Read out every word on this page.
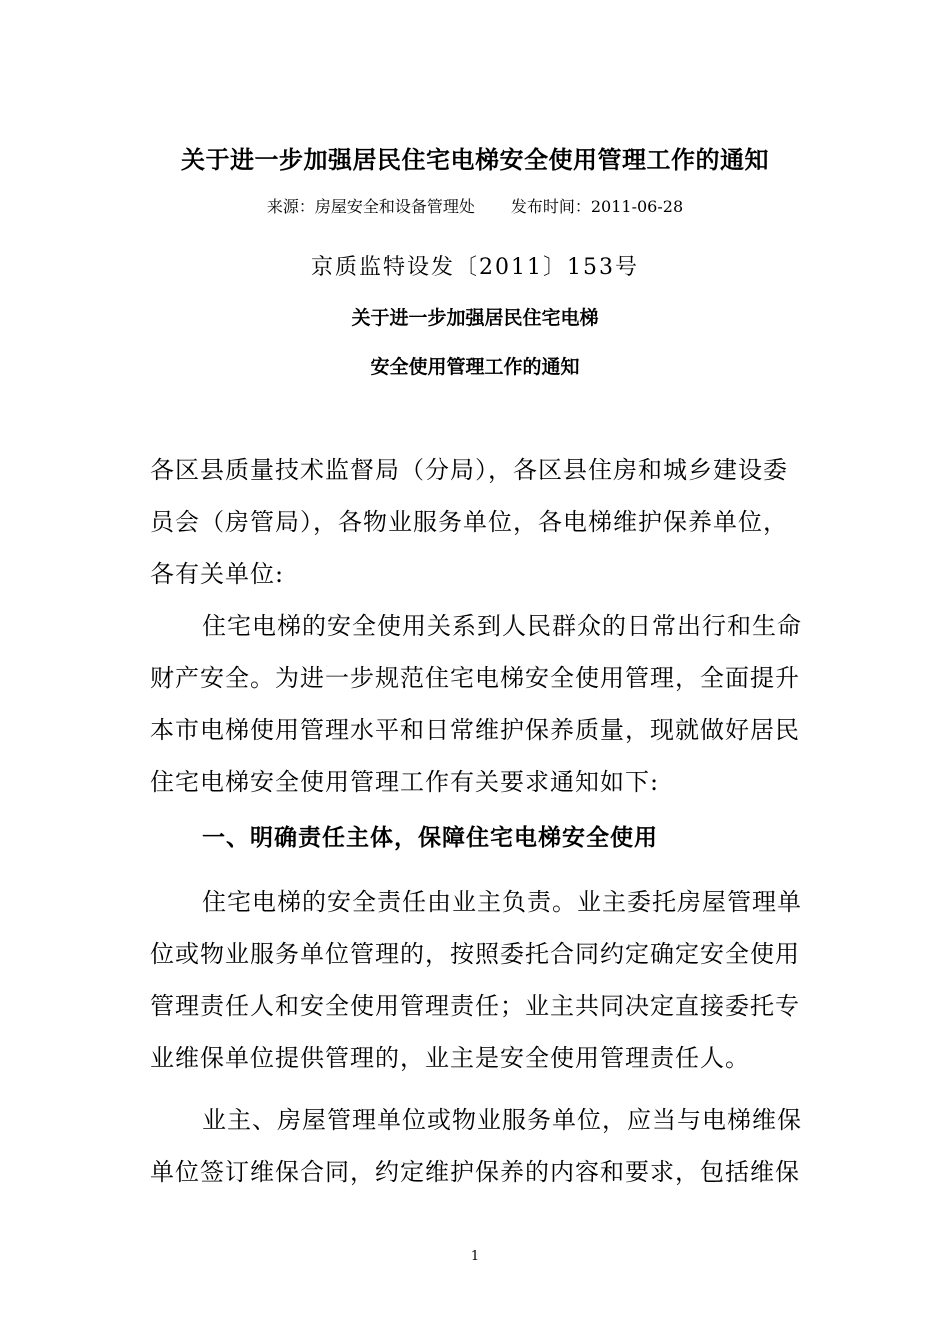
关于进一步加强居民住宅电梯安全使用管理工作的通知
来源：房屋安全和设备管理处 发布时间：2011-06-28
京质监特设发〔2011〕153号
关于进一步加强居民住宅电梯
安全使用管理工作的通知

各区县质量技术监督局（分局），各区县住房和城乡建设委员会（房管局），各物业服务单位，各电梯维护保养单位，各有关单位:

住宅电梯的安全使用关系到人民群众的日常出行和生命财产安全。为进一步规范住宅电梯安全使用管理，全面提升本市电梯使用管理水平和日常维护保养质量，现就做好居民住宅电梯安全使用管理工作有关要求通知如下:

一、明确责任主体，保障住宅电梯安全使用

住宅电梯的安全责任由业主负责。业主委托房屋管理单位或物业服务单位管理的，按照委托合同约定确定安全使用管理责任人和安全使用管理责任；业主共同决定直接委托专业维保单位提供管理的，业主是安全使用管理责任人。

业主、房屋管理单位或物业服务单位，应当与电梯维保单位签订维保合同，约定维护保养的内容和要求，包括维保

1
